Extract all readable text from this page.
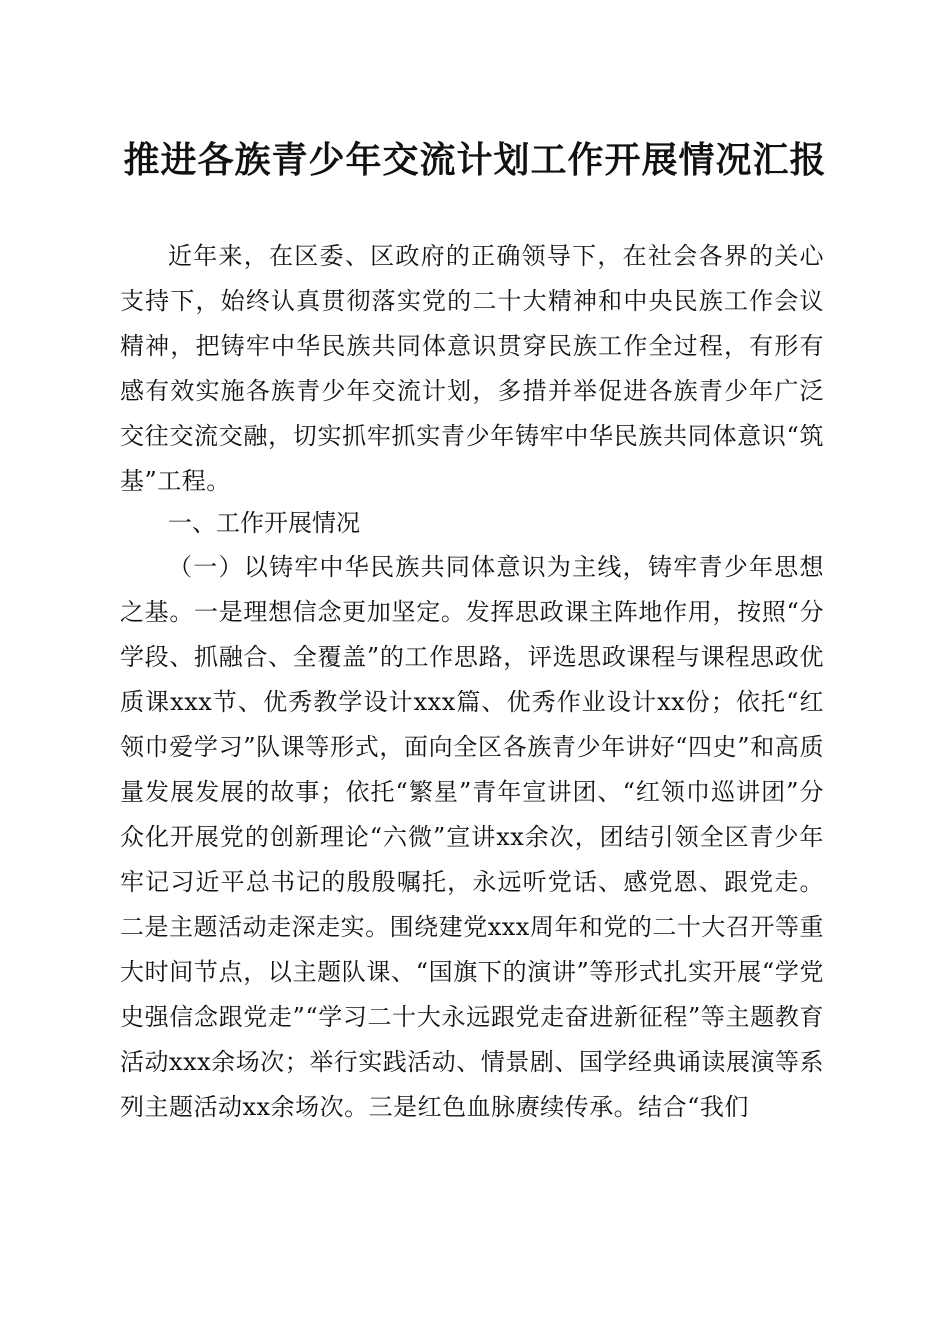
推进各族青少年交流计划工作开展情况汇报

近年来，在区委、区政府的正确领导下，在社会各界的关心支持下，始终认真贯彻落实党的二十大精神和中央民族工作会议精神，把铸牢中华民族共同体意识贯穿民族工作全过程，有形有感有效实施各族青少年交流计划，多措并举促进各族青少年广泛交往交流交融，切实抓牢抓实青少年铸牢中华民族共同体意识“筑基”工程。

一、工作开展情况

（一）以铸牢中华民族共同体意识为主线，铸牢青少年思想之基。一是理想信念更加坚定。发挥思政课主阵地作用，按照“分学段、抓融合、全覆盖”的工作思路，评选思政课程与课程思政优质课xxx节、优秀教学设计xxx篇、优秀作业设计xx份；依托“红领巾爱学习”队课等形式，面向全区各族青少年讲好“四史”和高质量发展发展的故事；依托“繁星”青年宣讲团、“红领巾巡讲团”分众化开展党的创新理论“六微”宣讲xx余次，团结引领全区青少年牢记习近平总书记的殷殷嘱托，永远听党话、感党恩、跟党走。二是主题活动走深走实。围绕建党xxx周年和党的二十大召开等重大时间节点，以主题队课、“国旗下的演讲”等形式扎实开展“学党史强信念跟党走”“学习二十大永远跟党走奋进新征程”等主题教育活动xxx余场次；举行实践活动、情景剧、国学经典诵读展演等系列主题活动xx余场次。三是红色血脉赓续传承。结合“我们
